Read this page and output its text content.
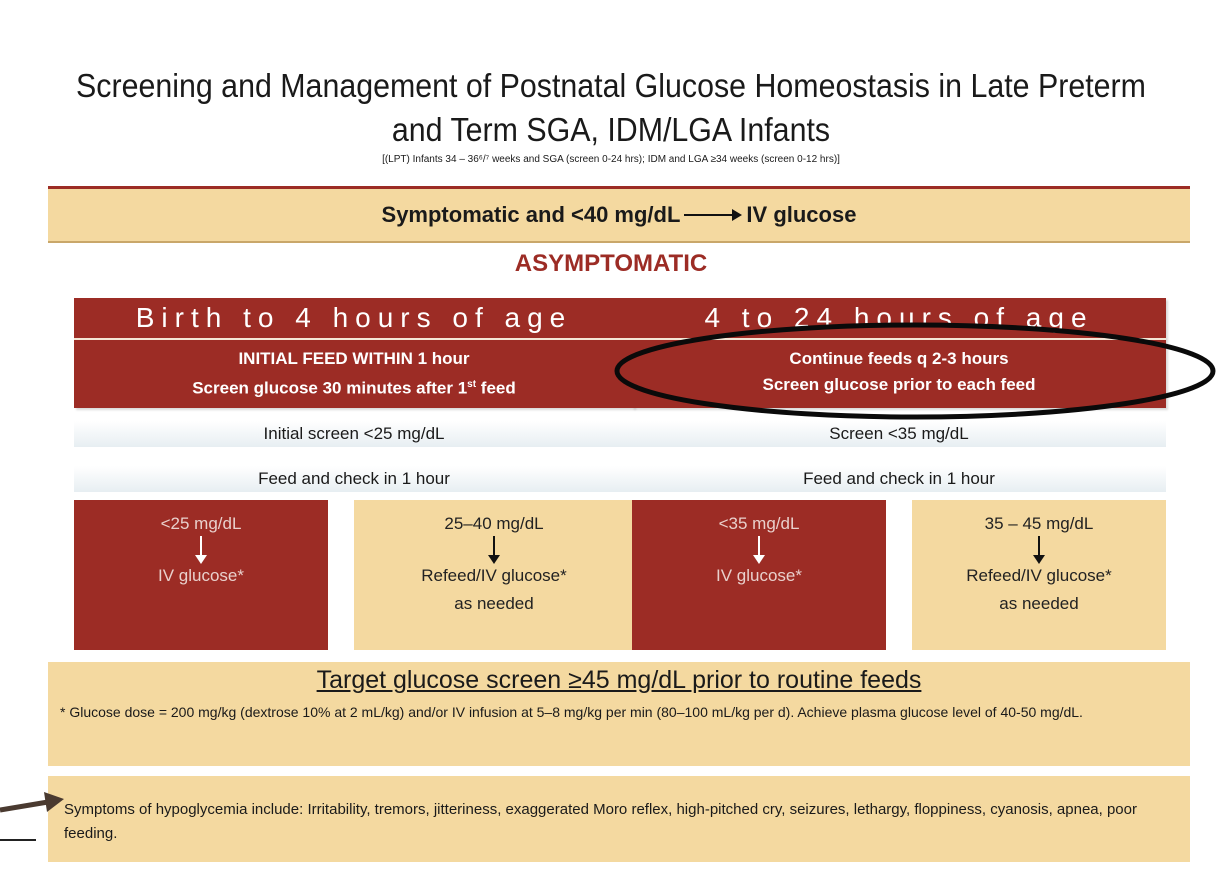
Screening and Management of Postnatal Glucose Homeostasis in Late Preterm
and Term SGA, IDM/LGA Infants
[(LPT) Infants 34 – 36⁶/⁷ weeks and SGA (screen 0-24 hrs); IDM and LGA ≥34 weeks (screen 0-12 hrs)]
Symptomatic and <40 mg/dL	IV glucose
ASYMPTOMATIC
Birth to 4 hours of age
INITIAL FEED WITHIN 1 hour
Screen glucose 30 minutes after 1st feed
Initial screen <25 mg/dL
Feed and check in 1 hour
<25 mg/dL
IV glucose*
25–40 mg/dL
Refeed/IV glucose*
as needed
4 to 24 hours of age
Continue feeds q 2-3 hours
Screen glucose prior to each feed
Screen <35 mg/dL
Feed and check in 1 hour
<35 mg/dL
IV glucose*
35 – 45 mg/dL
Refeed/IV glucose*
as needed
Target glucose screen ≥45 mg/dL prior to routine feeds
* Glucose dose = 200 mg/kg (dextrose 10% at 2 mL/kg) and/or IV infusion at 5–8 mg/kg per min (80–100 mL/kg per d). Achieve plasma glucose level of 40-50 mg/dL.
Symptoms of hypoglycemia include: Irritability, tremors, jitteriness, exaggerated Moro reflex, high-pitched cry, seizures, lethargy, floppiness, cyanosis, apnea, poor feeding.
